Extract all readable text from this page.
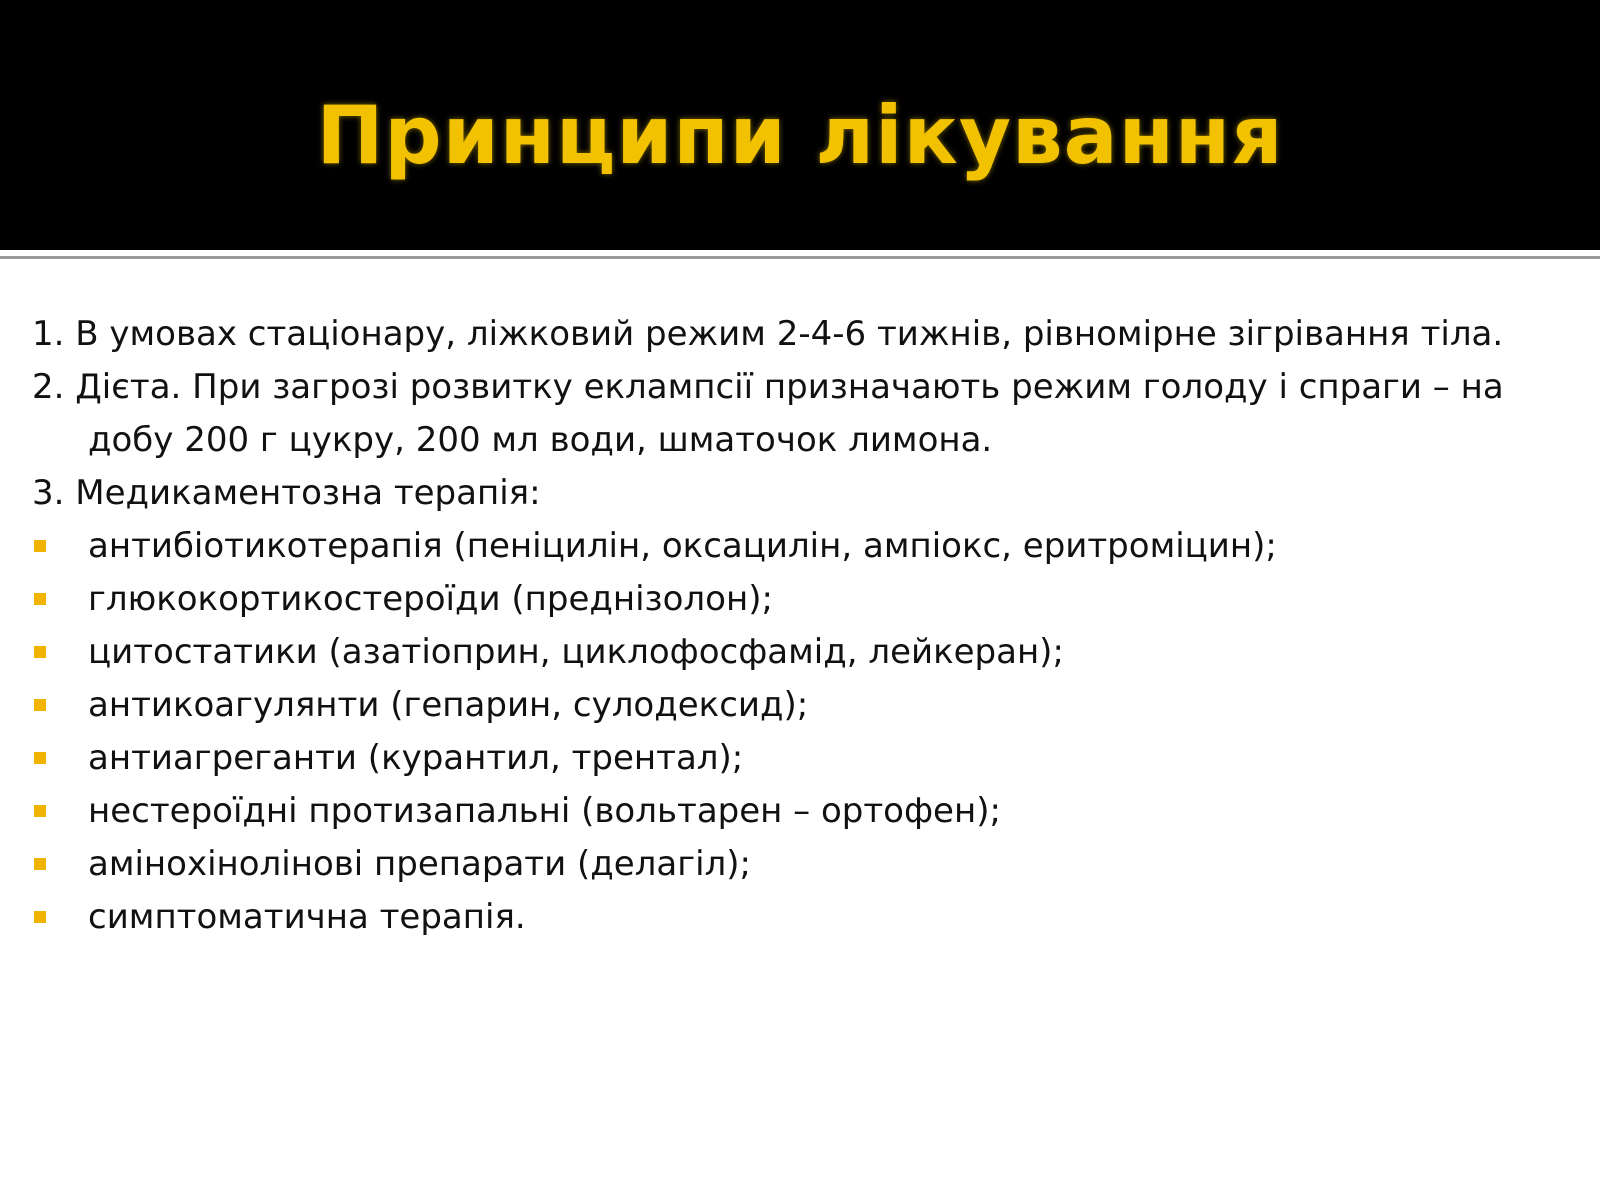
Принципи лікування

1. В умовах стаціонару, ліжковий режим 2-4-6 тижнів, рівномірне зігрівання тіла.

2. Дієта. При загрозі розвитку еклампсії призначають режим голоду і спраги – на добу 200 г цукру, 200 мл води, шматочок лимона.

3. Медикаментозна терапія:

антибіотикотерапія (пеніцилін, оксацилін, ампіокс, еритроміцин);
глюкокортикостероїди (преднізолон);
цитостатики (азатіоприн, циклофосфамід, лейкеран);
антикоагулянти (гепарин, сулодексид);
антиагреганти (курантил, трентал);
нестероїдні протизапальні (вольтарен – ортофен);
амінохінолінові препарати (делагіл);
симптоматична терапія.
